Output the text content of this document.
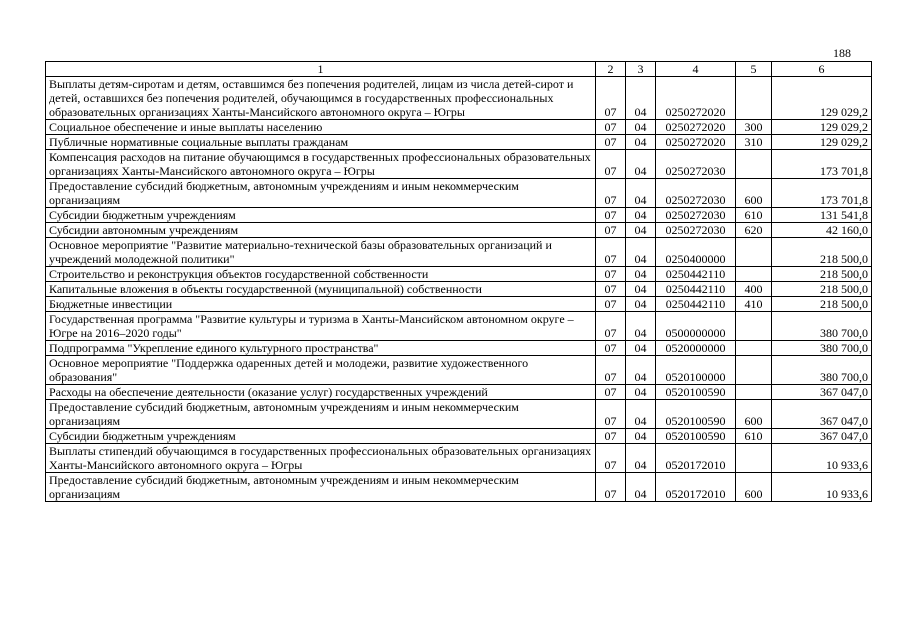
188
1	2	3	4	5	6
Выплаты детям-сиротам и детям, оставшимся без попечения родителей, лицам из числа детей-сирот и детей, оставшихся без попечения родителей, обучающимся в государственных профессиональных образовательных организациях Ханты-Мансийского автономного округа – Югры	07	04	0250272020		129 029,2
Социальное обеспечение и иные выплаты населению	07	04	0250272020	300	129 029,2
Публичные нормативные социальные выплаты гражданам	07	04	0250272020	310	129 029,2
Компенсация расходов на питание обучающимся в государственных профессиональных образовательных организациях Ханты-Мансийского автономного округа – Югры	07	04	0250272030		173 701,8
Предоставление субсидий бюджетным, автономным учреждениям и иным некоммерческим организациям	07	04	0250272030	600	173 701,8
Субсидии бюджетным учреждениям	07	04	0250272030	610	131 541,8
Субсидии автономным учреждениям	07	04	0250272030	620	42 160,0
Основное мероприятие "Развитие материально-технической базы образовательных организаций и учреждений молодежной политики"	07	04	0250400000		218 500,0
Строительство и реконструкция объектов государственной собственности	07	04	0250442110		218 500,0
Капитальные вложения в объекты государственной (муниципальной) собственности	07	04	0250442110	400	218 500,0
Бюджетные инвестиции	07	04	0250442110	410	218 500,0
Государственная программа "Развитие культуры и туризма в Ханты-Мансийском автономном округе – Югре на 2016–2020 годы"	07	04	0500000000		380 700,0
Подпрограмма "Укрепление единого культурного пространства"	07	04	0520000000		380 700,0
Основное мероприятие "Поддержка одаренных детей и молодежи, развитие художественного образования"	07	04	0520100000		380 700,0
Расходы на обеспечение деятельности (оказание услуг) государственных учреждений	07	04	0520100590		367 047,0
Предоставление субсидий бюджетным, автономным учреждениям и иным некоммерческим организациям	07	04	0520100590	600	367 047,0
Субсидии бюджетным учреждениям	07	04	0520100590	610	367 047,0
Выплаты стипендий обучающимся в государственных профессиональных образовательных организациях Ханты-Мансийского автономного округа – Югры	07	04	0520172010		10 933,6
Предоставление субсидий бюджетным, автономным учреждениям и иным некоммерческим организациям	07	04	0520172010	600	10 933,6
